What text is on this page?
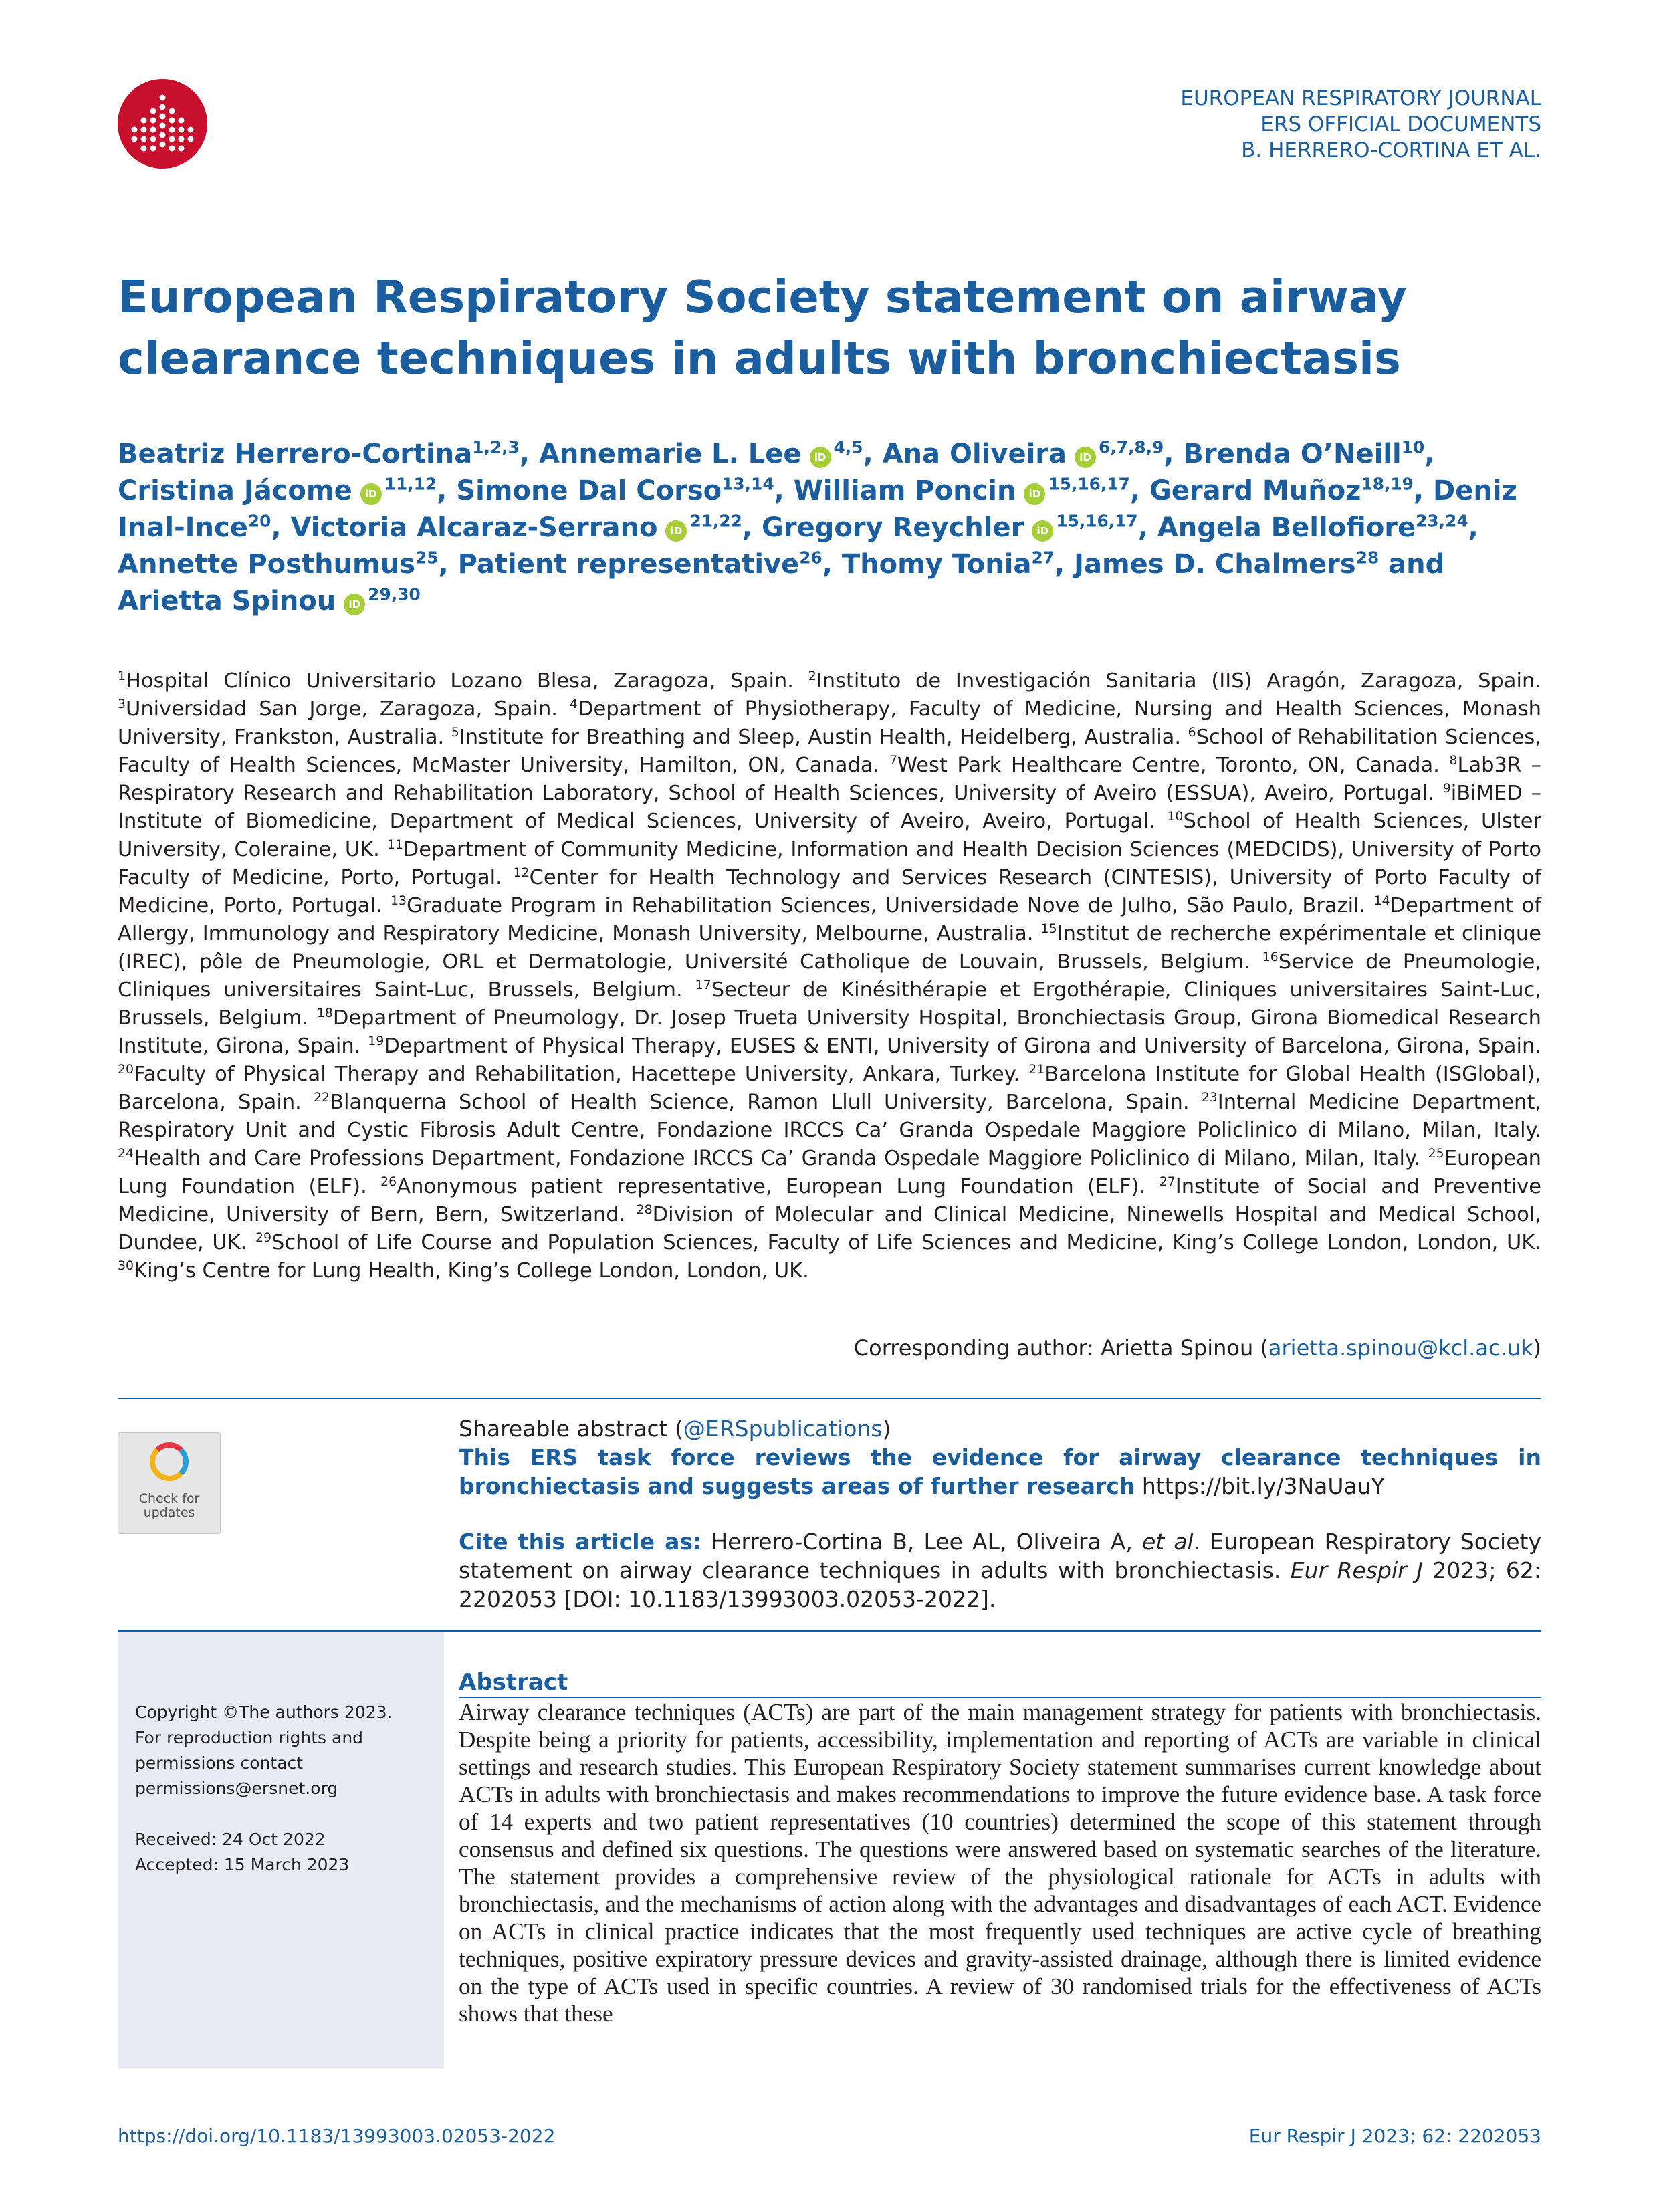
EUROPEAN RESPIRATORY JOURNAL
ERS OFFICIAL DOCUMENTS
B. HERRERO-CORTINA ET AL.
European Respiratory Society statement on airway clearance techniques in adults with bronchiectasis
Beatriz Herrero-Cortina$^{1,2,3}$, Annemarie L. Lee iD$^{4,5}$, Ana Oliveira iD$^{6,7,8,9}$, Brenda O’Neill$^{10}$, Cristina Jácome iD$^{11,12}$, Simone Dal Corso$^{13,14}$, William Poncin iD$^{15,16,17}$, Gerard Muñoz$^{18,19}$, Deniz Inal-Ince$^{20}$, Victoria Alcaraz-Serrano iD$^{21,22}$, Gregory Reychler iD$^{15,16,17}$, Angela Bellofiore$^{23,24}$, Annette Posthumus$^{25}$, Patient representative$^{26}$, Thomy Tonia$^{27}$, James D. Chalmers$^{28}$ and Arietta Spinou iD$^{29,30}$
$^1$Hospital Clínico Universitario Lozano Blesa, Zaragoza, Spain. $^2$Instituto de Investigación Sanitaria (IIS) Aragón, Zaragoza, Spain. $^3$Universidad San Jorge, Zaragoza, Spain. $^4$Department of Physiotherapy, Faculty of Medicine, Nursing and Health Sciences, Monash University, Frankston, Australia. $^5$Institute for Breathing and Sleep, Austin Health, Heidelberg, Australia. $^6$School of Rehabilitation Sciences, Faculty of Health Sciences, McMaster University, Hamilton, ON, Canada. $^7$West Park Healthcare Centre, Toronto, ON, Canada. $^8$Lab3R – Respiratory Research and Rehabilitation Laboratory, School of Health Sciences, University of Aveiro (ESSUA), Aveiro, Portugal. $^9$iBiMED – Institute of Biomedicine, Department of Medical Sciences, University of Aveiro, Aveiro, Portugal. $^{10}$School of Health Sciences, Ulster University, Coleraine, UK. $^{11}$Department of Community Medicine, Information and Health Decision Sciences (MEDCIDS), University of Porto Faculty of Medicine, Porto, Portugal. $^{12}$Center for Health Technology and Services Research (CINTESIS), University of Porto Faculty of Medicine, Porto, Portugal. $^{13}$Graduate Program in Rehabilitation Sciences, Universidade Nove de Julho, São Paulo, Brazil. $^{14}$Department of Allergy, Immunology and Respiratory Medicine, Monash University, Melbourne, Australia. $^{15}$Institut de recherche expérimentale et clinique (IREC), pôle de Pneumologie, ORL et Dermatologie, Université Catholique de Louvain, Brussels, Belgium. $^{16}$Service de Pneumologie, Cliniques universitaires Saint-Luc, Brussels, Belgium. $^{17}$Secteur de Kinésithérapie et Ergothérapie, Cliniques universitaires Saint-Luc, Brussels, Belgium. $^{18}$Department of Pneumology, Dr. Josep Trueta University Hospital, Bronchiectasis Group, Girona Biomedical Research Institute, Girona, Spain. $^{19}$Department of Physical Therapy, EUSES & ENTI, University of Girona and University of Barcelona, Girona, Spain. $^{20}$Faculty of Physical Therapy and Rehabilitation, Hacettepe University, Ankara, Turkey. $^{21}$Barcelona Institute for Global Health (ISGlobal), Barcelona, Spain. $^{22}$Blanquerna School of Health Science, Ramon Llull University, Barcelona, Spain. $^{23}$Internal Medicine Department, Respiratory Unit and Cystic Fibrosis Adult Centre, Fondazione IRCCS Ca’ Granda Ospedale Maggiore Policlinico di Milano, Milan, Italy. $^{24}$Health and Care Professions Department, Fondazione IRCCS Ca’ Granda Ospedale Maggiore Policlinico di Milano, Milan, Italy. $^{25}$European Lung Foundation (ELF). $^{26}$Anonymous patient representative, European Lung Foundation (ELF). $^{27}$Institute of Social and Preventive Medicine, University of Bern, Bern, Switzerland. $^{28}$Division of Molecular and Clinical Medicine, Ninewells Hospital and Medical School, Dundee, UK. $^{29}$School of Life Course and Population Sciences, Faculty of Life Sciences and Medicine, King’s College London, London, UK. $^{30}$King’s Centre for Lung Health, King’s College London, London, UK.
Corresponding author: Arietta Spinou (arietta.spinou@kcl.ac.uk)
Check for
updates
Shareable abstract (@ERSpublications)
This ERS task force reviews the evidence for airway clearance techniques in bronchiectasis and suggests areas of further research https://bit.ly/3NaUauY
Cite this article as: Herrero-Cortina B, Lee AL, Oliveira A, et al. European Respiratory Society statement on airway clearance techniques in adults with bronchiectasis. Eur Respir J 2023; 62: 2202053 [DOI: 10.1183/13993003.02053-2022].
Copyright ©The authors 2023.
For reproduction rights and
permissions contact
permissions@ersnet.org
Received: 24 Oct 2022
Accepted: 15 March 2023
Abstract
Airway clearance techniques (ACTs) are part of the main management strategy for patients with bronchiectasis. Despite being a priority for patients, accessibility, implementation and reporting of ACTs are variable in clinical settings and research studies. This European Respiratory Society statement summarises current knowledge about ACTs in adults with bronchiectasis and makes recommendations to improve the future evidence base. A task force of 14 experts and two patient representatives (10 countries) determined the scope of this statement through consensus and defined six questions. The questions were answered based on systematic searches of the literature. The statement provides a comprehensive review of the physiological rationale for ACTs in adults with bronchiectasis, and the mechanisms of action along with the advantages and disadvantages of each ACT. Evidence on ACTs in clinical practice indicates that the most frequently used techniques are active cycle of breathing techniques, positive expiratory pressure devices and gravity-assisted drainage, although there is limited evidence on the type of ACTs used in specific countries. A review of 30 randomised trials for the effectiveness of ACTs shows that these
https://doi.org/10.1183/13993003.02053-2022	Eur Respir J 2023; 62: 2202053
